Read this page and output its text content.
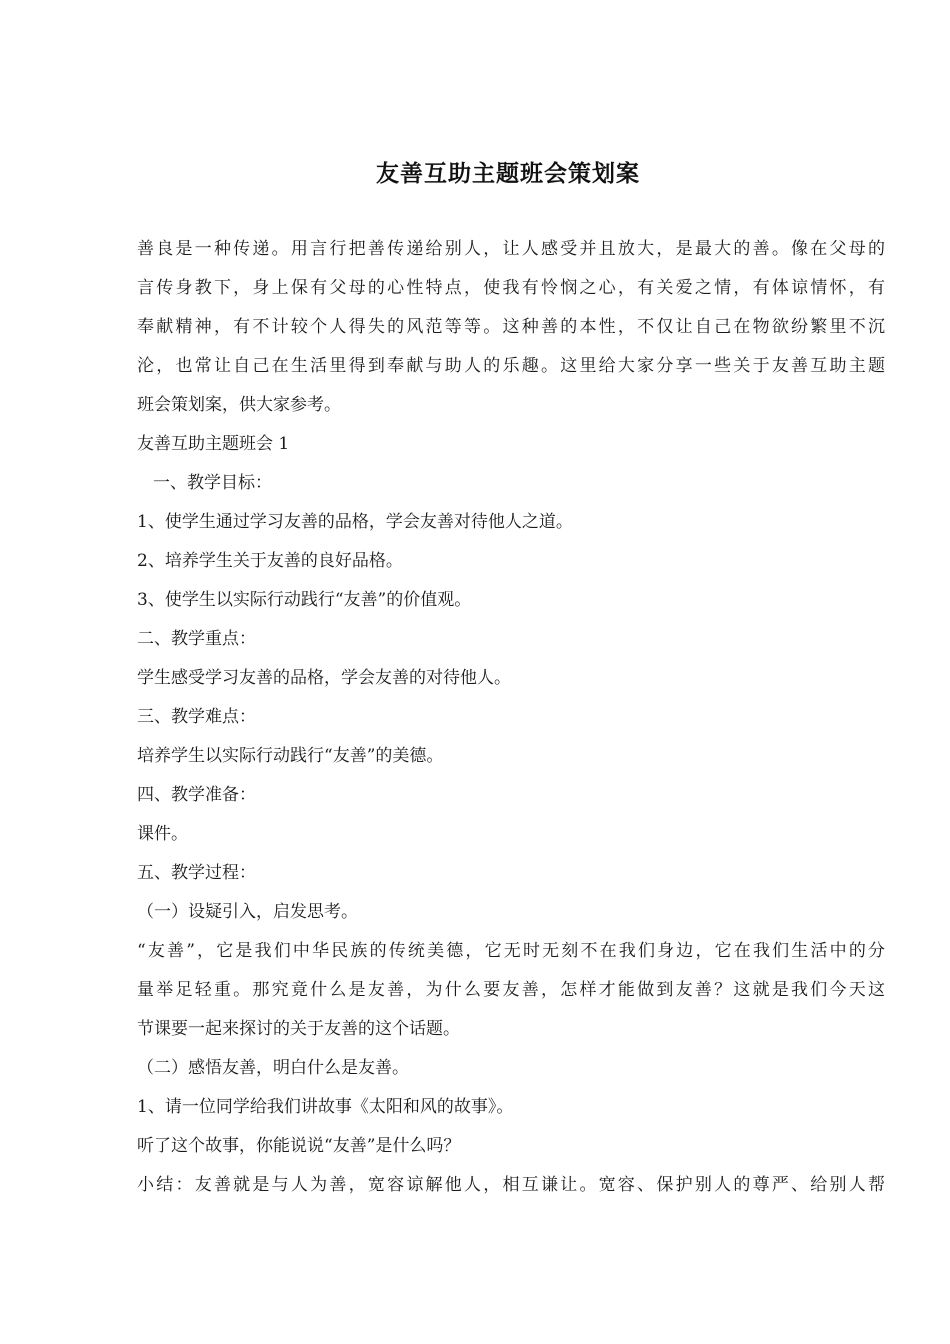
友善互助主题班会策划案
善良是一种传递。用言行把善传递给别人，让人感受并且放大，是最大的善。像在父母的
言传身教下，身上保有父母的心性特点，使我有怜悯之心，有关爱之情，有体谅情怀，有
奉献精神，有不计较个人得失的风范等等。这种善的本性，不仅让自己在物欲纷繁里不沉
沦，也常让自己在生活里得到奉献与助人的乐趣。这里给大家分享一些关于友善互助主题
班会策划案，供大家参考。
友善互助主题班会 1
一、教学目标：
1、使学生通过学习友善的品格，学会友善对待他人之道。
2、培养学生关于友善的良好品格。
3、使学生以实际行动践行“友善”的价值观。
二、教学重点：
学生感受学习友善的品格，学会友善的对待他人。
三、教学难点：
培养学生以实际行动践行“友善”的美德。
四、教学准备：
课件。
五、教学过程：
（一）设疑引入，启发思考。
“友善”，它是我们中华民族的传统美德，它无时无刻不在我们身边，它在我们生活中的分
量举足轻重。那究竟什么是友善，为什么要友善，怎样才能做到友善？这就是我们今天这
节课要一起来探讨的关于友善的这个话题。
（二）感悟友善，明白什么是友善。
1、请一位同学给我们讲故事《太阳和风的故事》。
听了这个故事，你能说说“友善”是什么吗？
小结：友善就是与人为善，宽容谅解他人，相互谦让。宽容、保护别人的尊严、给别人帮
